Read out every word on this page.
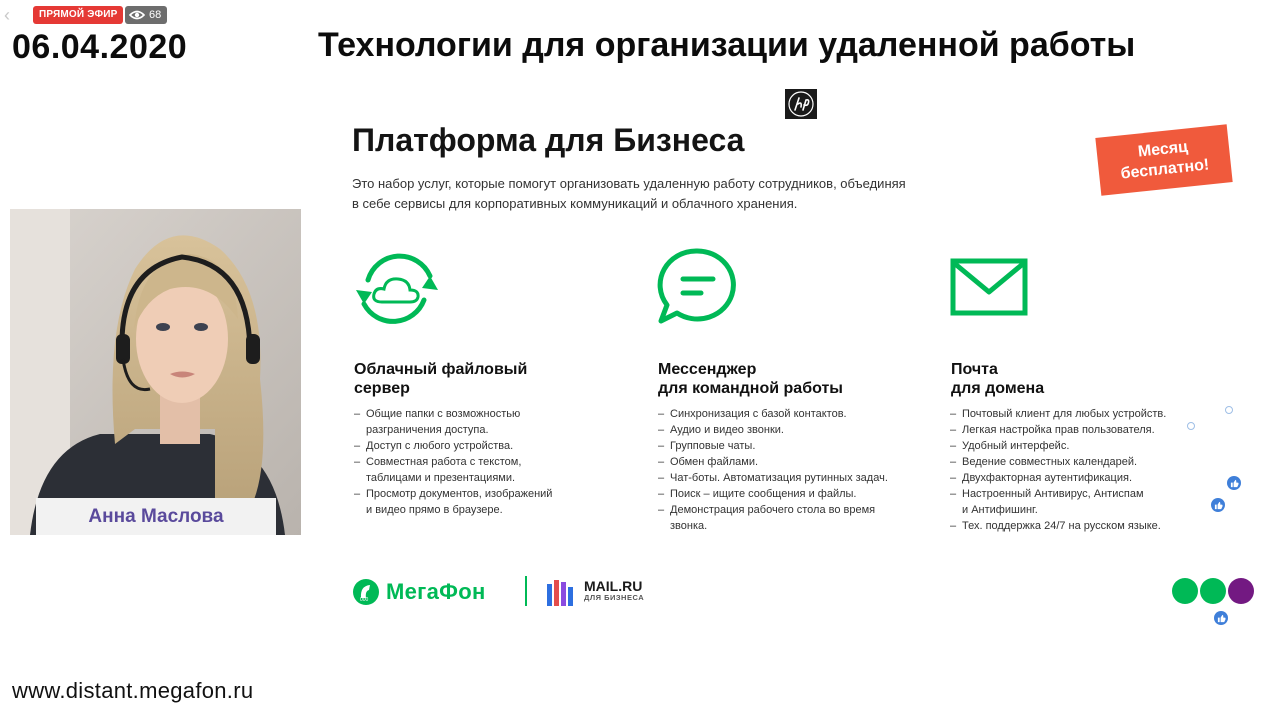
‹	ПРЯМОЙ ЭФИР	68
06.04.2020	Технологии для организации удаленной работы
Платформа для Бизнеса
Это набор услуг, которые помогут организовать удаленную работу сотрудников, объединяя
в себе сервисы для корпоративных коммуникаций и облачного хранения.
Месяц
бесплатно!
Анна Маслова
Облачный файловый
сервер
– Общие папки с возможностью
разграничения доступа.
– Доступ с любого устройства.
– Совместная работа с текстом,
таблицами и презентациями.
– Просмотр документов, изображений
и видео прямо в браузере.
Мессенджер
для командной работы
– Синхронизация с базой контактов.
– Аудио и видео звонки.
– Групповые чаты.
– Обмен файлами.
– Чат-боты. Автоматизация рутинных задач.
– Поиск – ищите сообщения и файлы.
– Демонстрация рабочего стола во время
звонка.
Почта
для домена
– Почтовый клиент для любых устройств.
– Легкая настройка прав пользователя.
– Удобный интерфейс.
– Ведение совместных календарей.
– Двухфакторная аутентификация.
– Настроенный Антивирус, Антиспам
и Антифишинг.
– Тех. поддержка 24/7 на русском языке.
000 МегаФон	MAIL.RU
ДЛЯ БИЗНЕСА
www.distant.megafon.ru
